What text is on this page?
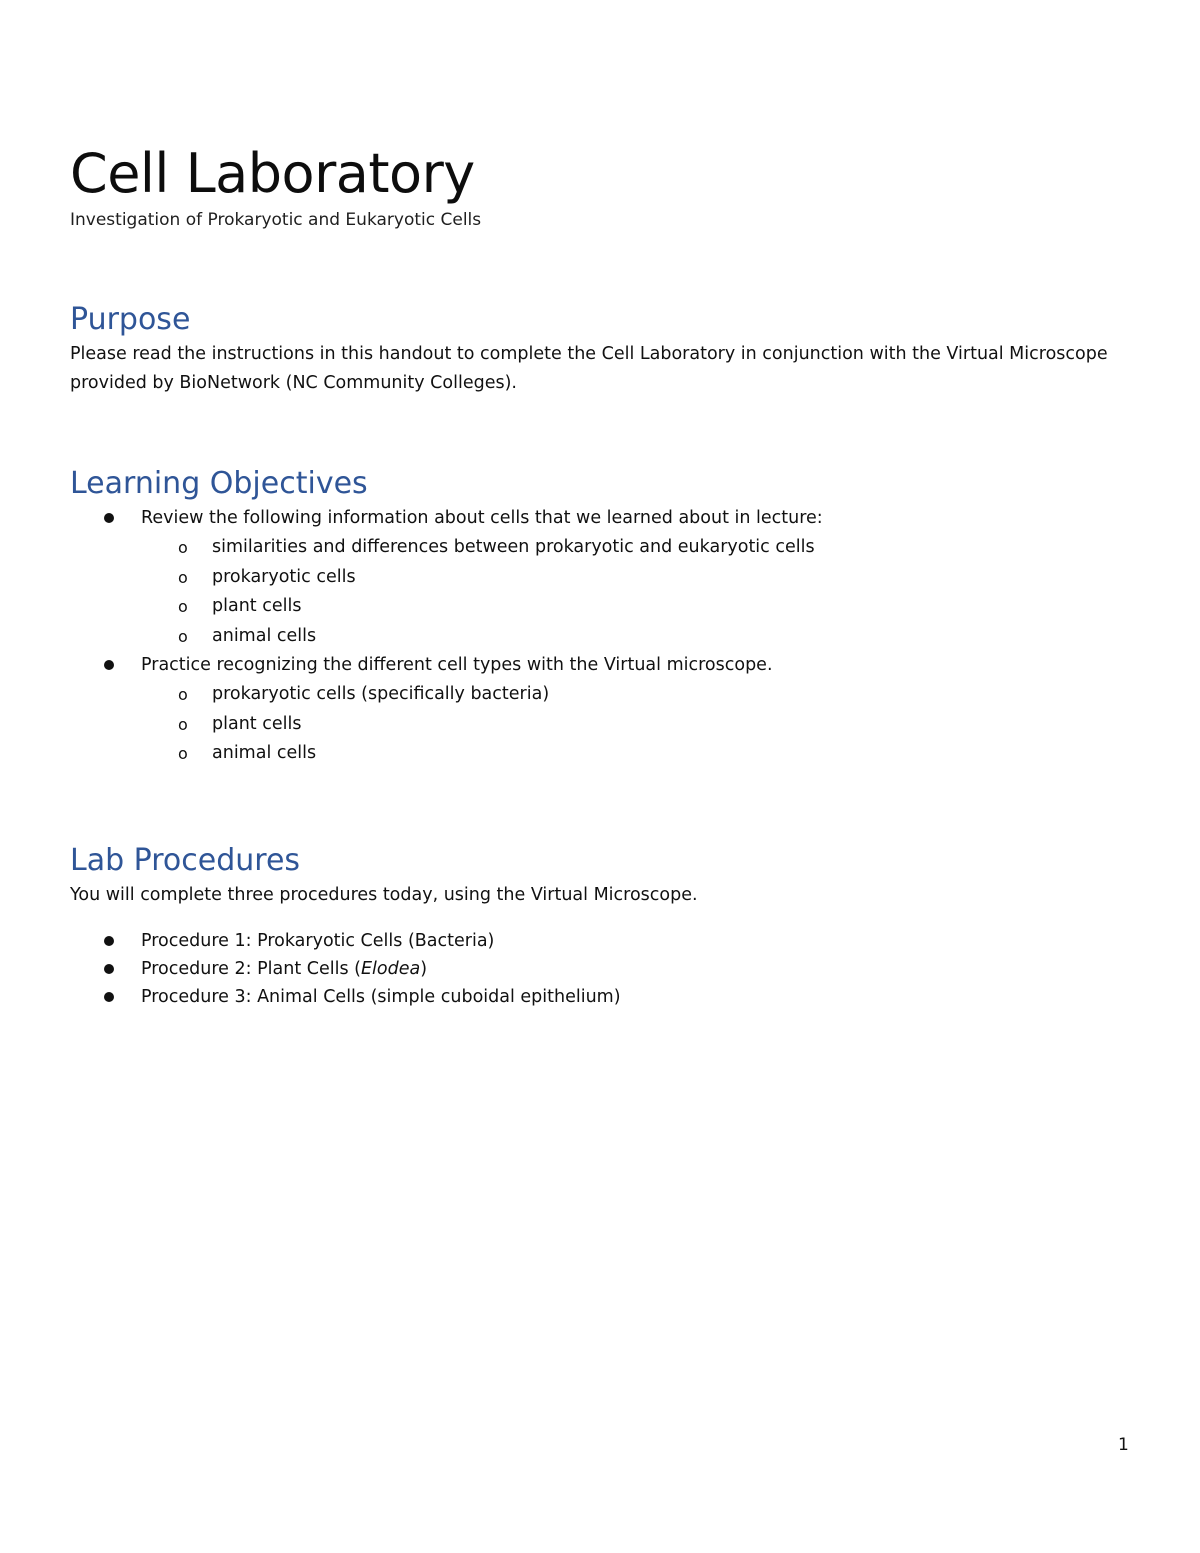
Cell Laboratory
Investigation of Prokaryotic and Eukaryotic Cells
Purpose
Please read the instructions in this handout to complete the Cell Laboratory in conjunction with the Virtual Microscope
provided by BioNetwork (NC Community Colleges).
Learning Objectives
Review the following information about cells that we learned about in lecture:
o similarities and differences between prokaryotic and eukaryotic cells
o prokaryotic cells
o plant cells
o animal cells
Practice recognizing the different cell types with the Virtual microscope.
o prokaryotic cells (specifically bacteria)
o plant cells
o animal cells
Lab Procedures
You will complete three procedures today, using the Virtual Microscope.
Procedure 1: Prokaryotic Cells (Bacteria)
Procedure 2: Plant Cells (Elodea)
Procedure 3: Animal Cells (simple cuboidal epithelium)
1
